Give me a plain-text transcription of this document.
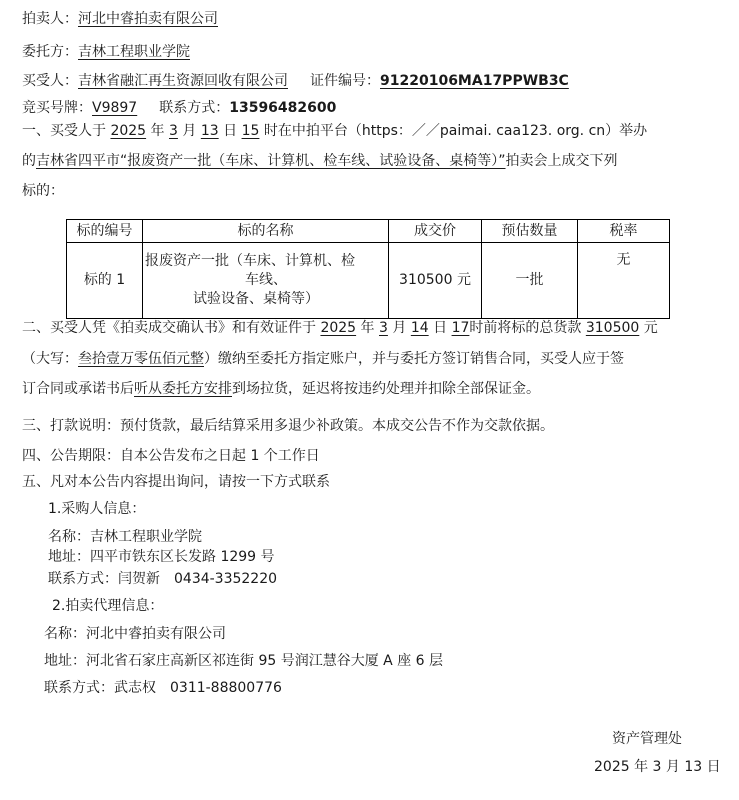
拍卖人：河北中睿拍卖有限公司
委托方：吉林工程职业学院
买受人：吉林省融汇再生资源回收有限公司 证件编号：91220106MA17PPWB3C
竞买号牌：V9897 联系方式：13596482600
一、买受人于 2025 年 3 月 13 日 15 时在中拍平台（https：／／paimai. caa123. org. cn）举办
的吉林省四平市“报废资产一批（车床、计算机、检车线、试验设备、桌椅等）”拍卖会上成交下列
标的：
标的编号	标的名称	成交价	预估数量	税率
标的 1	报废资产一批（车床、计算机、检
车线、
试验设备、桌椅等）	310500 元	一批	无
二、买受人凭《拍卖成交确认书》和有效证件于 2025 年 3 月 14 日 17时前将标的总货款 310500 元
（大写：叁拾壹万零伍佰元整）缴纳至委托方指定账户，并与委托方签订销售合同，买受人应于签
订合同或承诺书后听从委托方安排到场拉货，延迟将按违约处理并扣除全部保证金。
三、打款说明：预付货款，最后结算采用多退少补政策。本成交公告不作为交款依据。
四、公告期限：自本公告发布之日起 1 个工作日
五、凡对本公告内容提出询问，请按一下方式联系
1.采购人信息：
名称：吉林工程职业学院
地址：四平市铁东区长发路 1299 号
联系方式：闫贺新　0434-3352220
2.拍卖代理信息：
名称：河北中睿拍卖有限公司
地址：河北省石家庄高新区祁连街 95 号润江慧谷大厦 A 座 6 层
联系方式：武志权　0311-88800776
资产管理处
2025 年 3 月 13 日
